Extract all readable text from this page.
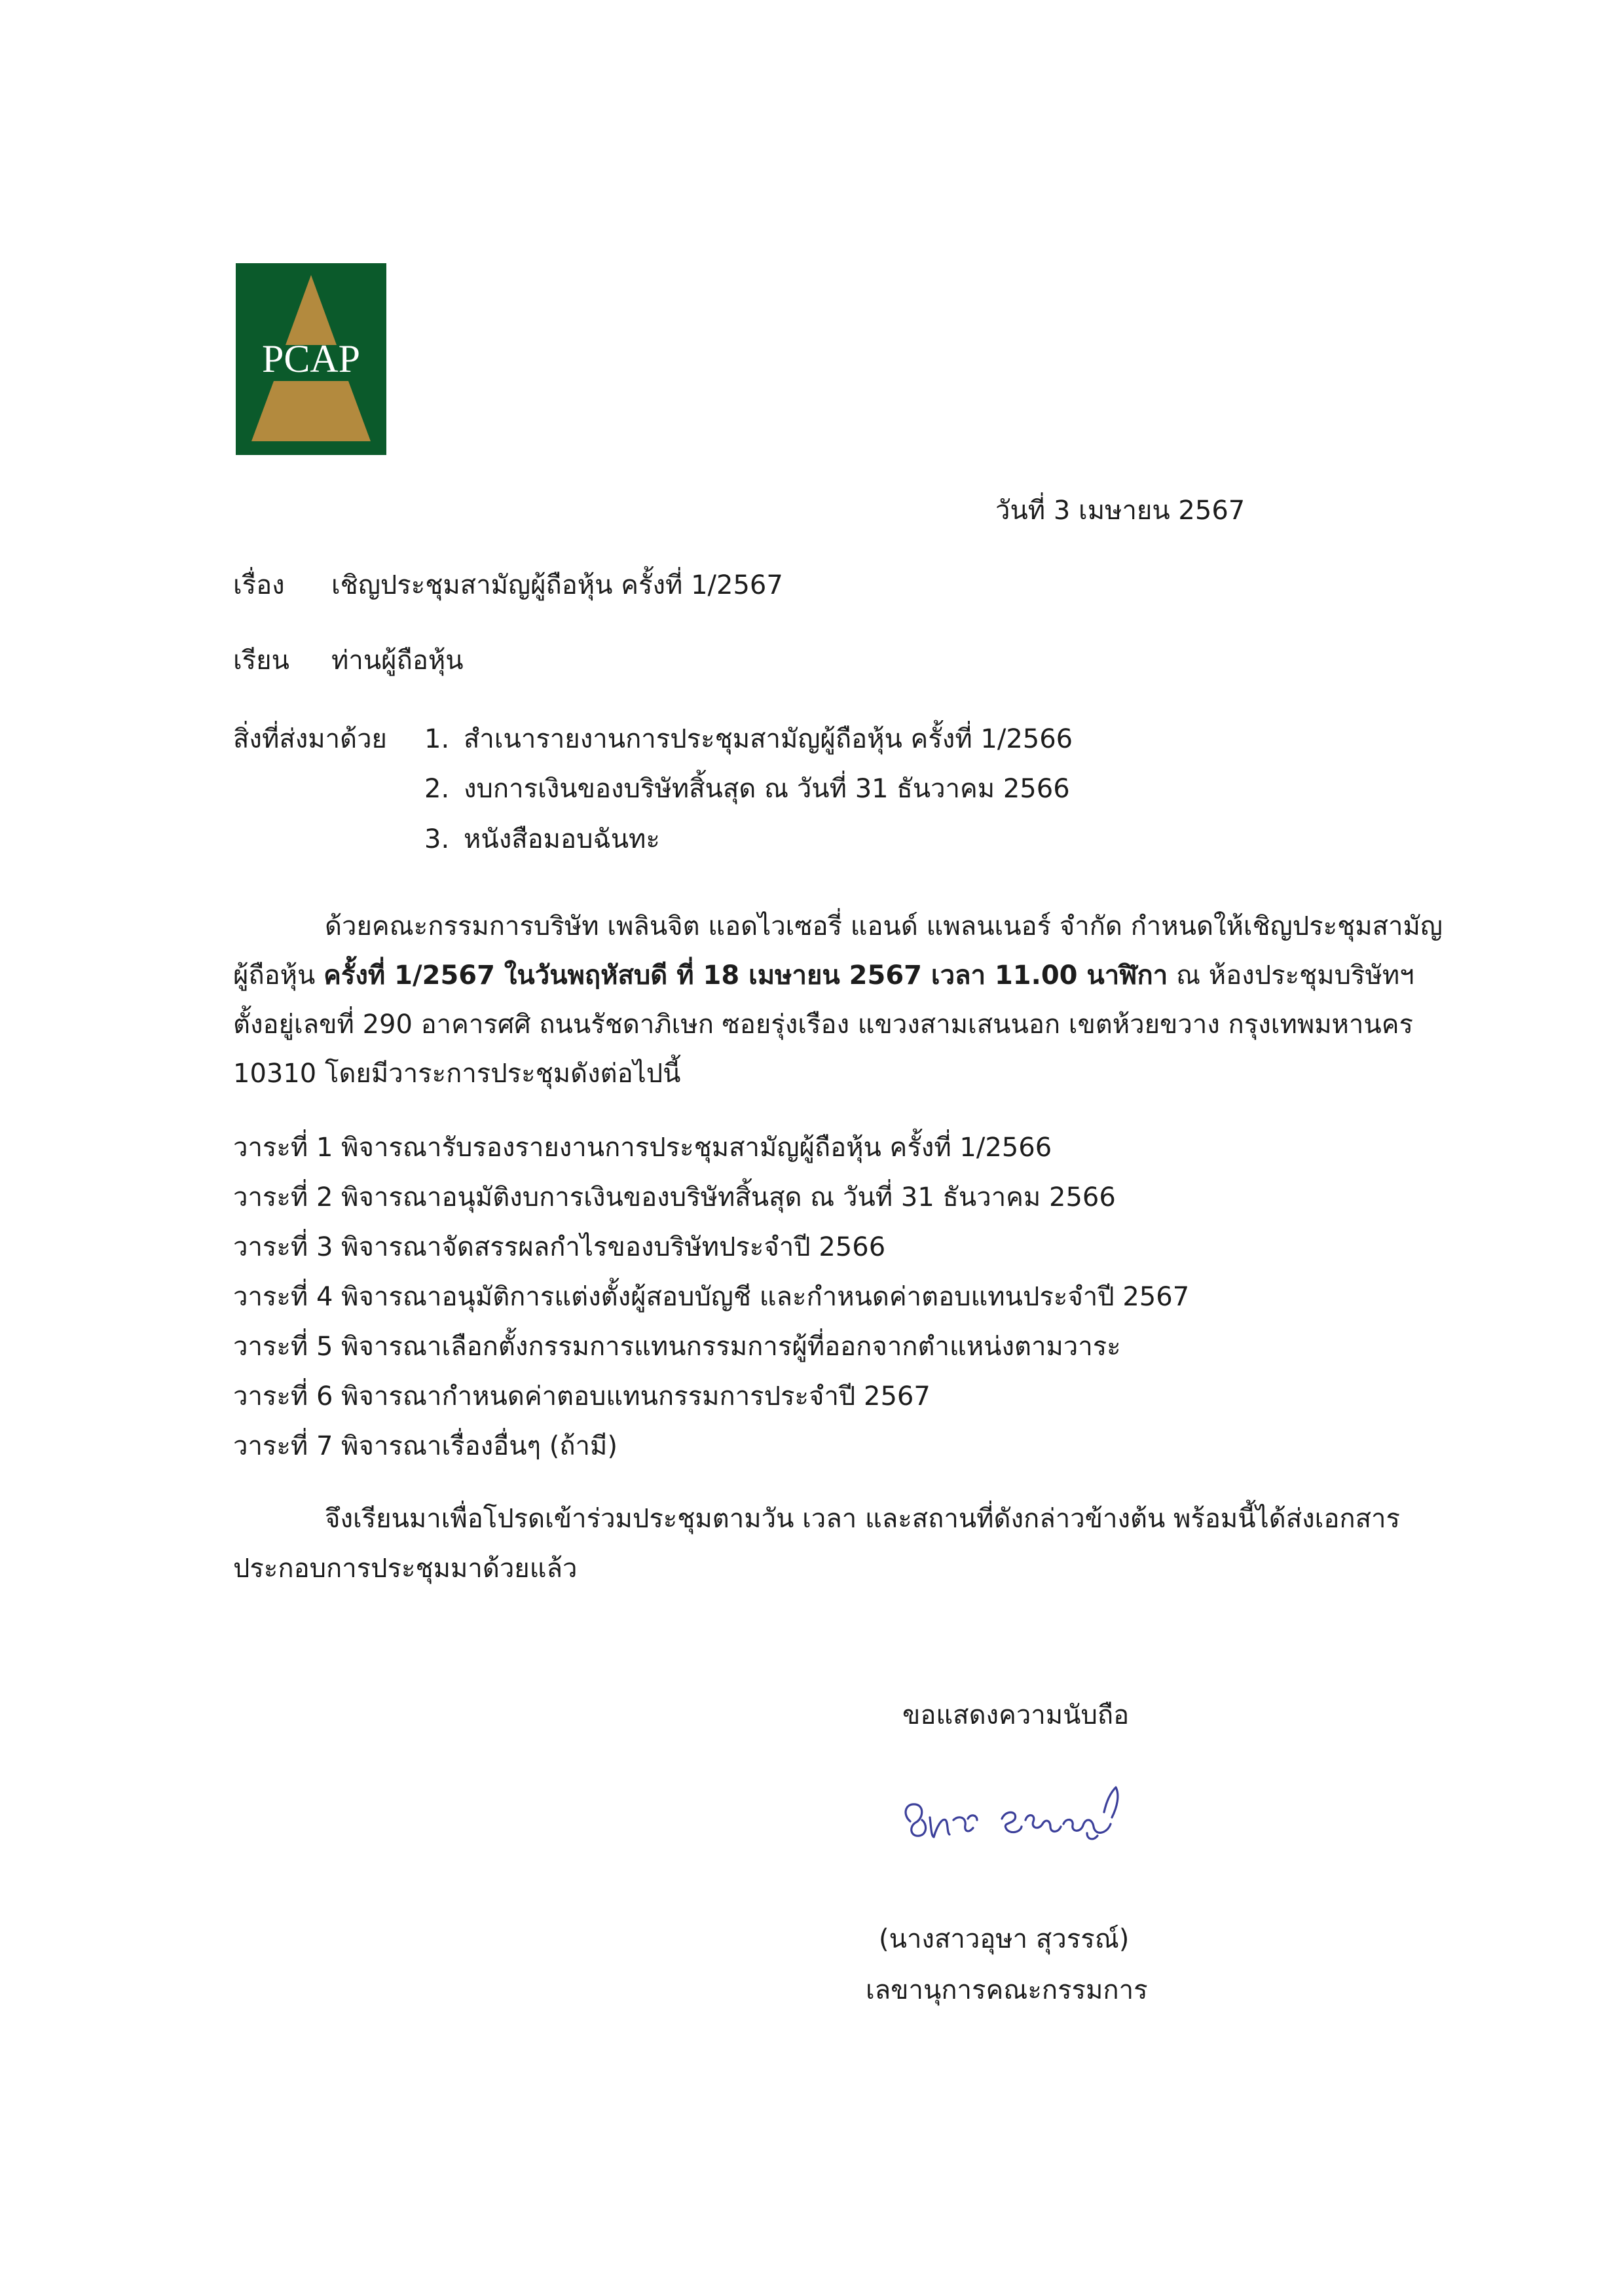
PCAP
วันที่ 3 เมษายน 2567
เรื่อง เชิญประชุมสามัญผู้ถือหุ้น ครั้งที่ 1/2567
เรียน ท่านผู้ถือหุ้น
สิ่งที่ส่งมาด้วย 1. สำเนารายงานการประชุมสามัญผู้ถือหุ้น ครั้งที่ 1/2566
2. งบการเงินของบริษัทสิ้นสุด ณ วันที่ 31 ธันวาคม 2566
3. หนังสือมอบฉันทะ
ด้วยคณะกรรมการบริษัท เพลินจิต แอดไวเซอรี่ แอนด์ แพลนเนอร์ จำกัด กำหนดให้เชิญประชุมสามัญผู้ถือหุ้น ครั้งที่ 1/2567 ในวันพฤหัสบดี ที่ 18 เมษายน 2567 เวลา 11.00 นาฬิกา ณ ห้องประชุมบริษัทฯ ตั้งอยู่เลขที่ 290 อาคารศศิ ถนนรัชดาภิเษก ซอยรุ่งเรือง แขวงสามเสนนอก เขตห้วยขวาง กรุงเทพมหานคร 10310 โดยมีวาระการประชุมดังต่อไปนี้
วาระที่ 1 พิจารณารับรองรายงานการประชุมสามัญผู้ถือหุ้น ครั้งที่ 1/2566
วาระที่ 2 พิจารณาอนุมัติงบการเงินของบริษัทสิ้นสุด ณ วันที่ 31 ธันวาคม 2566
วาระที่ 3 พิจารณาจัดสรรผลกำไรของบริษัทประจำปี 2566
วาระที่ 4 พิจารณาอนุมัติการแต่งตั้งผู้สอบบัญชี และกำหนดค่าตอบแทนประจำปี 2567
วาระที่ 5 พิจารณาเลือกตั้งกรรมการแทนกรรมการผู้ที่ออกจากตำแหน่งตามวาระ
วาระที่ 6 พิจารณากำหนดค่าตอบแทนกรรมการประจำปี 2567
วาระที่ 7 พิจารณาเรื่องอื่นๆ (ถ้ามี)
จึงเรียนมาเพื่อโปรดเข้าร่วมประชุมตามวัน เวลา และสถานที่ดังกล่าวข้างต้น พร้อมนี้ได้ส่งเอกสารประกอบการประชุมมาด้วยแล้ว
ขอแสดงความนับถือ
(นางสาวอุษา สุวรรณ์)
เลขานุการคณะกรรมการ
